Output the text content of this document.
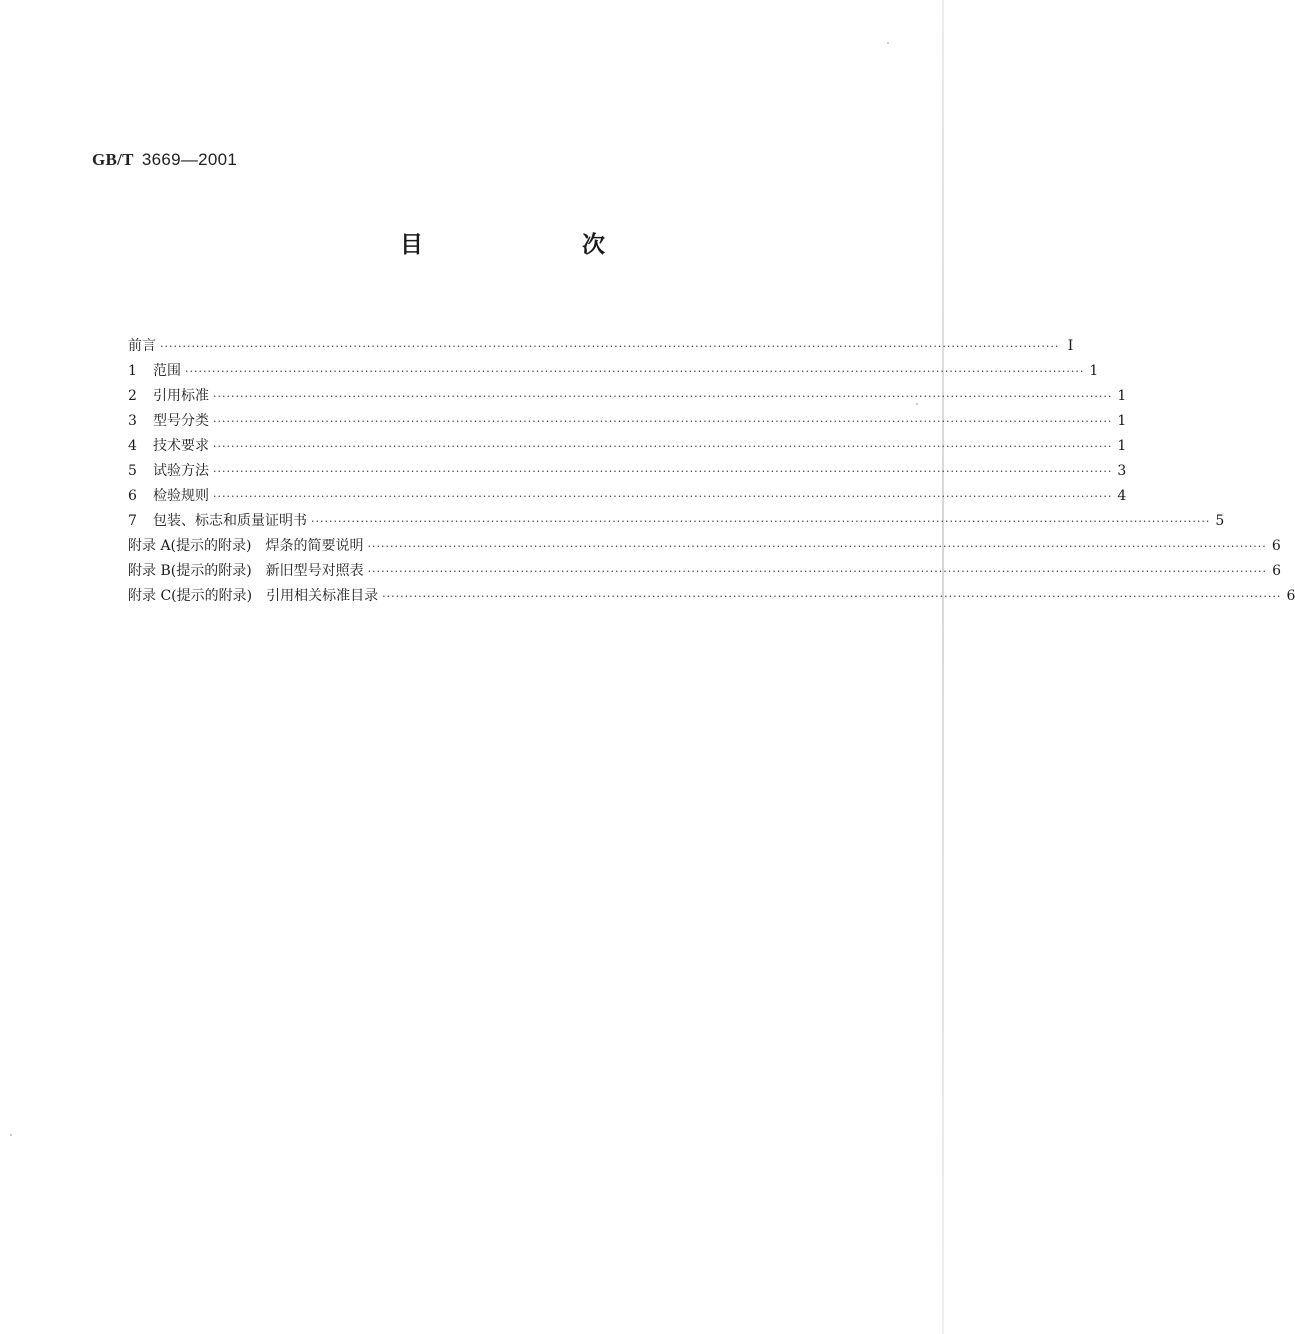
GB/T 3669—2001
目　次
前言 ········································································································································································································ I
1	范围 ········································································································································································································ 1
2	引用标准 ········································································································································································································ 1
3	型号分类 ········································································································································································································ 1
4	技术要求 ········································································································································································································ 1
5	试验方法 ········································································································································································································ 3
6	检验规则 ········································································································································································································ 4
7	包装、标志和质量证明书 ········································································································································································································ 5
附录 A(提示的附录)　焊条的简要说明 ········································································································································································································ 6
附录 B(提示的附录)　新旧型号对照表 ········································································································································································································ 6
附录 C(提示的附录)　引用相关标准目录 ········································································································································································································ 6
